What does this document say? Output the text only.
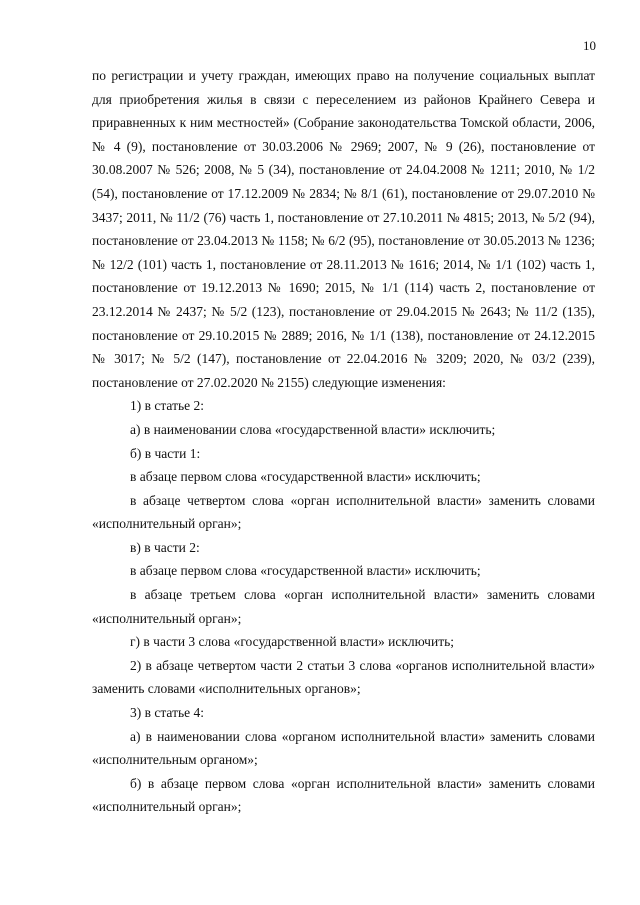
10

по регистрации и учету граждан, имеющих право на получение социальных выплат для приобретения жилья в связи с переселением из районов Крайнего Севера и приравненных к ним местностей» (Собрание законодательства Томской области, 2006, № 4 (9), постановление от 30.03.2006 № 2969; 2007, № 9 (26), постановление от 30.08.2007 № 526; 2008, № 5 (34), постановление от 24.04.2008 № 1211; 2010, № 1/2 (54), постановление от 17.12.2009 № 2834; № 8/1 (61), постановление от 29.07.2010 № 3437; 2011, № 11/2 (76) часть 1, постановление от 27.10.2011 № 4815; 2013, № 5/2 (94), постановление от 23.04.2013 № 1158; № 6/2 (95), постановление от 30.05.2013 № 1236; № 12/2 (101) часть 1, постановление от 28.11.2013 № 1616; 2014, № 1/1 (102) часть 1, постановление от 19.12.2013 № 1690; 2015, № 1/1 (114) часть 2, постановление от 23.12.2014 № 2437; № 5/2 (123), постановление от 29.04.2015 № 2643; № 11/2 (135), постановление от 29.10.2015 № 2889; 2016, № 1/1 (138), постановление от 24.12.2015 № 3017; № 5/2 (147), постановление от 22.04.2016 № 3209; 2020, № 03/2 (239), постановление от 27.02.2020 № 2155) следующие изменения:

1) в статье 2:

а) в наименовании слова «государственной власти» исключить;

б) в части 1:

в абзаце первом слова «государственной власти» исключить;

в абзаце четвертом слова «орган исполнительной власти» заменить словами «исполнительный орган»;

в) в части 2:

в абзаце первом слова «государственной власти» исключить;

в абзаце третьем слова «орган исполнительной власти» заменить словами «исполнительный орган»;

г) в части 3 слова «государственной власти» исключить;

2) в абзаце четвертом части 2 статьи 3 слова «органов исполнительной власти» заменить словами «исполнительных органов»;

3) в статье 4:

а) в наименовании слова «органом исполнительной власти» заменить словами «исполнительным органом»;

б) в абзаце первом слова «орган исполнительной власти» заменить словами «исполнительный орган»;
